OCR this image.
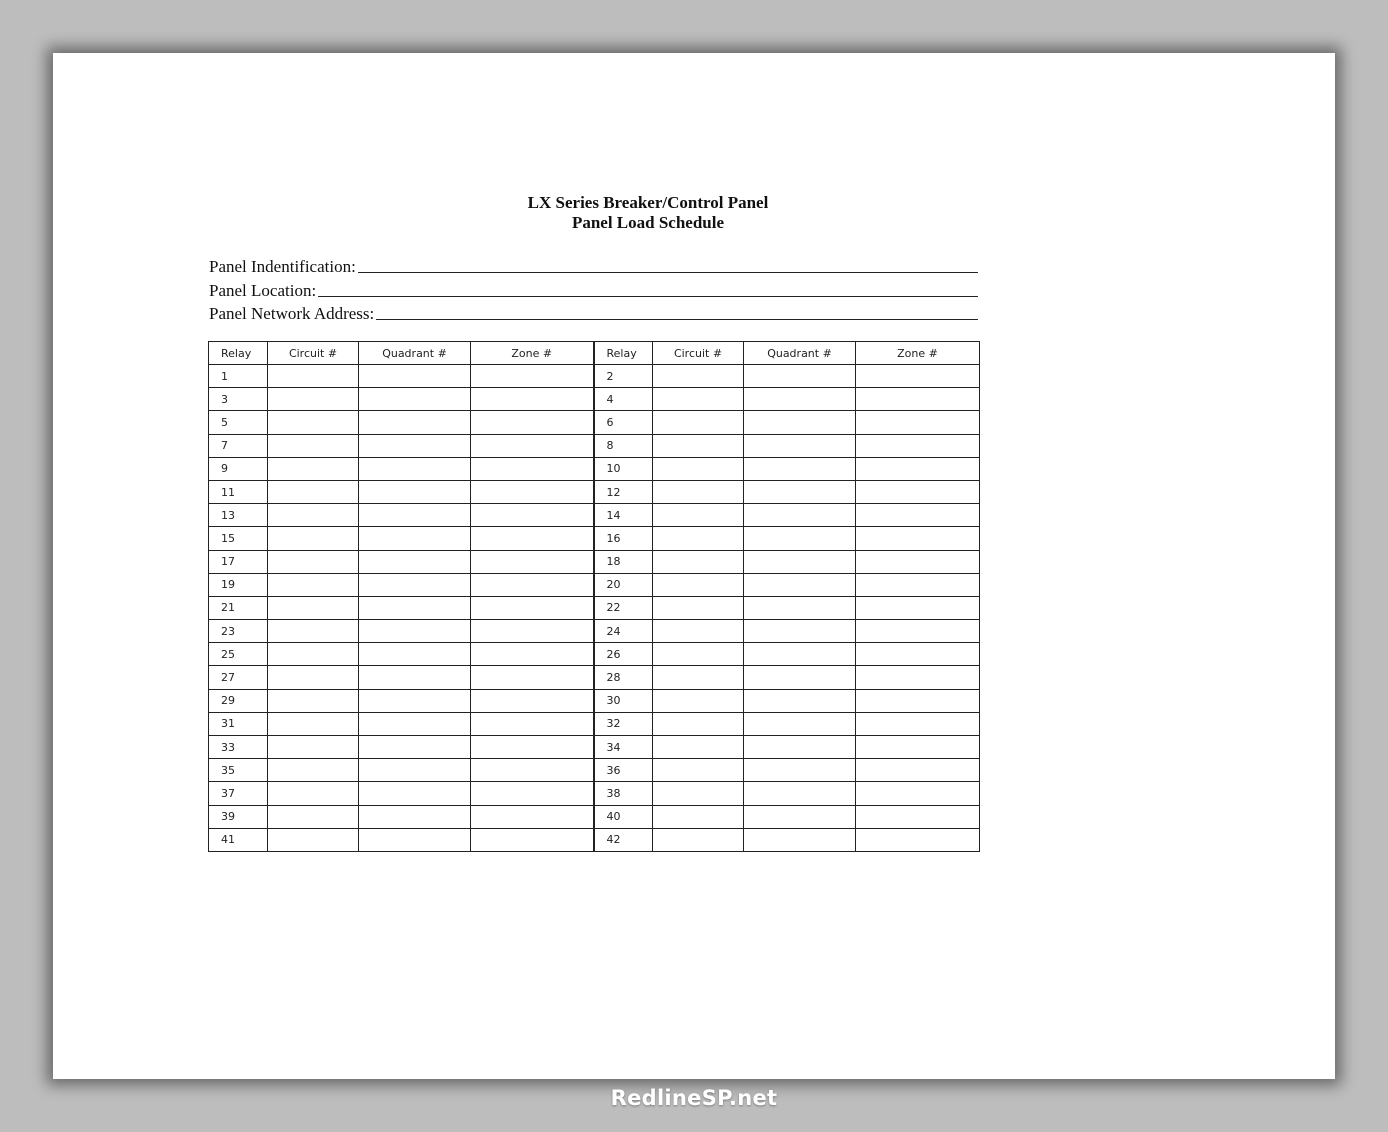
LX Series Breaker/Control Panel
Panel Load Schedule
Panel Indentification:
Panel Location:
Panel Network Address:
Relay	Circuit #	Quadrant #	Zone #	Relay	Circuit #	Quadrant #	Zone #
1				2			
3				4			
5				6			
7				8			
9				10			
11				12			
13				14			
15				16			
17				18			
19				20			
21				22			
23				24			
25				26			
27				28			
29				30			
31				32			
33				34			
35				36			
37				38			
39				40			
41				42			
RedlineSP.net
